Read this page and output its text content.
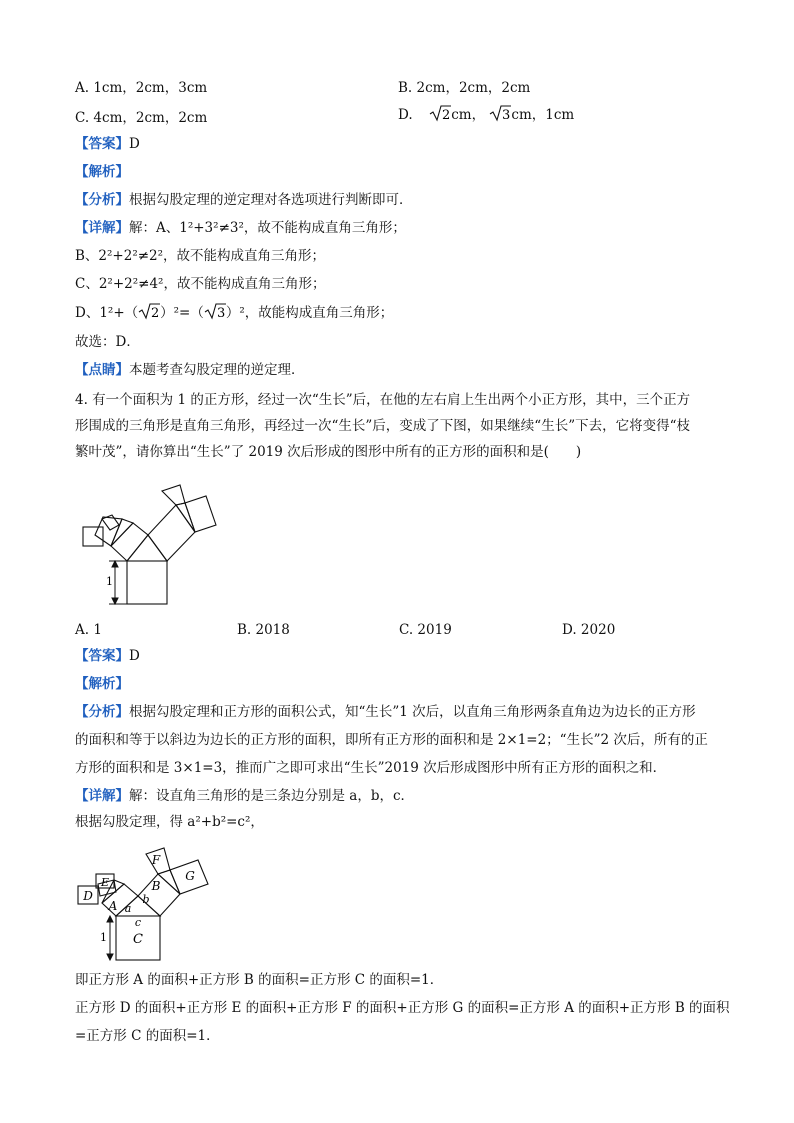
A. 1cm，2cm，3cm	B. 2cm，2cm，2cm
C. 4cm，2cm，2cm	D. 2 cm， 3 cm，1cm
【答案】D
【解析】
【分析】根据勾股定理的逆定理对各选项进行判断即可．
【详解】解：A、1²+3²≠3²，故不能构成直角三角形；
B、2²+2²≠2²，故不能构成直角三角形；
C、2²+2²≠4²，故不能构成直角三角形；
D、1²+（ 2 ）²=（ 3 ）²，故能构成直角三角形；
故选：D．
【点睛】本题考查勾股定理的逆定理．
4. 有一个面积为 1 的正方形，经过一次“生长”后，在他的左右肩上生出两个小正方形，其中，三个正方
形围成的三角形是直角三角形，再经过一次“生长”后，变成了下图，如果继续“生长”下去，它将变得“枝
繁叶茂”，请你算出“生长”了 2019 次后形成的图形中所有的正方形的面积和是(　　)
1
A. 1	B. 2018	C. 2019	D. 2020
【答案】D
【解析】
【分析】根据勾股定理和正方形的面积公式，知“生长”1 次后，以直角三角形两条直角边为边长的正方形
的面积和等于以斜边为边长的正方形的面积，即所有正方形的面积和是 2×1=2；“生长”2 次后，所有的正
方形的面积和是 3×1=3，推而广之即可求出“生长”2019 次后形成图形中所有正方形的面积之和．
【详解】解：设直角三角形的是三条边分别是 a，b，c．
根据勾股定理，得 a²+b²=c²，
D
E
A
F
G
B
C
a
b
c
1
即正方形 A 的面积+正方形 B 的面积=正方形 C 的面积=1．
正方形 D 的面积+正方形 E 的面积+正方形 F 的面积+正方形 G 的面积=正方形 A 的面积+正方形 B 的面积
=正方形 C 的面积=1．
